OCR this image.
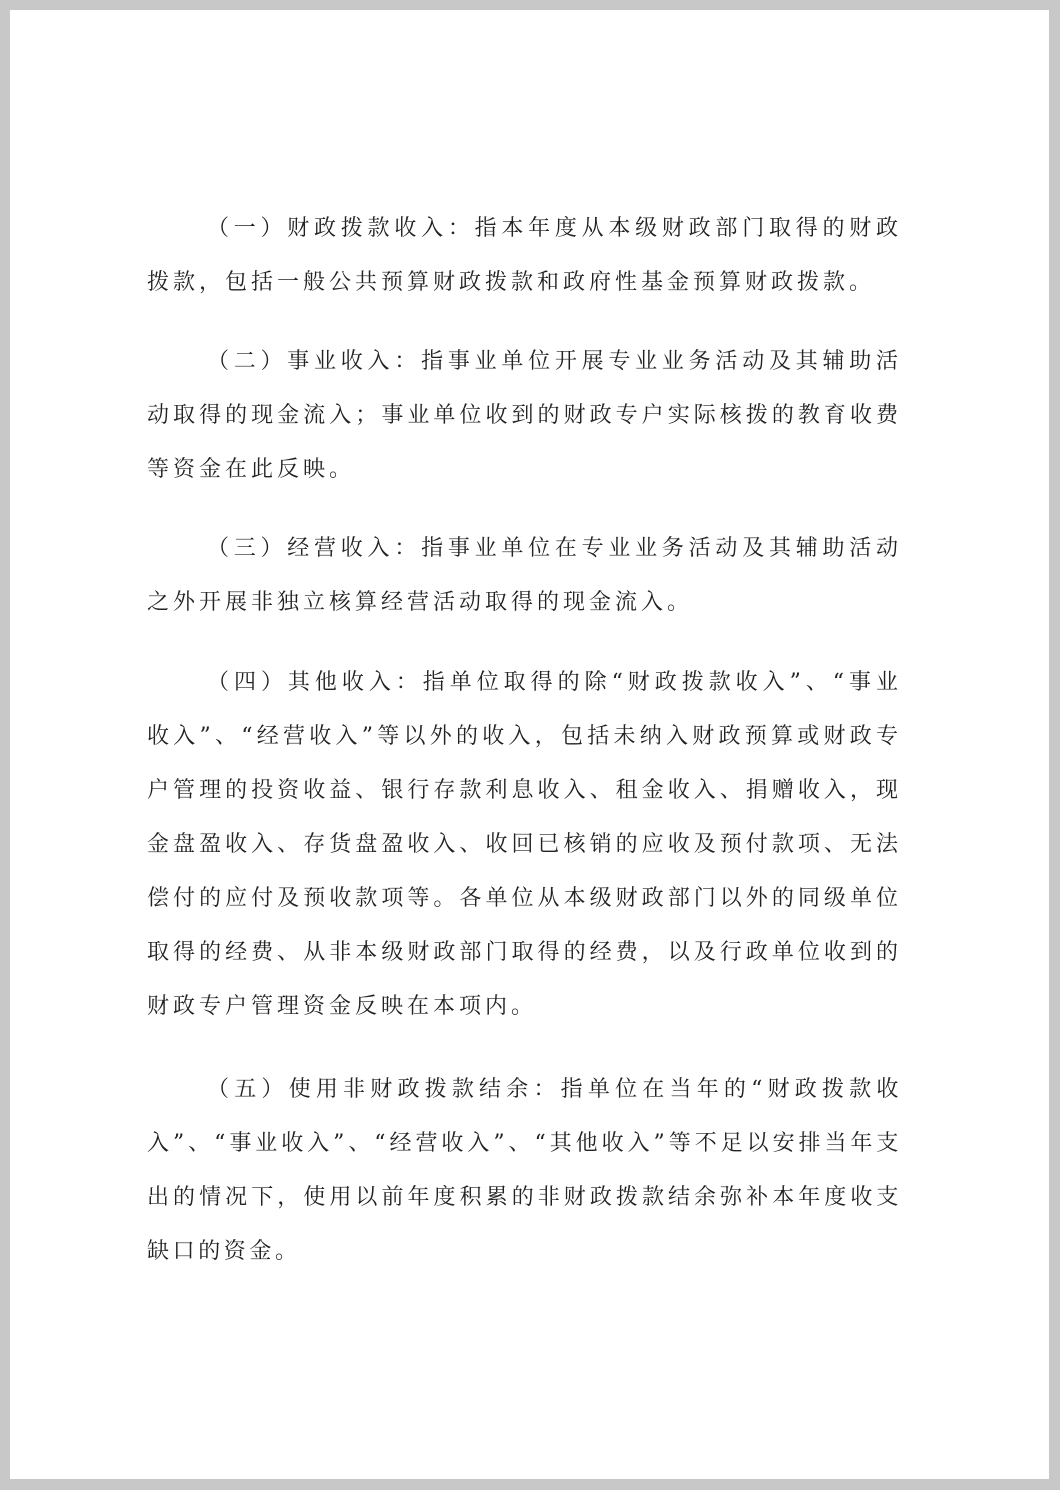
（一）财政拨款收入：指本年度从本级财政部门取得的财政拨款，包括一般公共预算财政拨款和政府性基金预算财政拨款。

（二）事业收入：指事业单位开展专业业务活动及其辅助活动取得的现金流入；事业单位收到的财政专户实际核拨的教育收费等资金在此反映。

（三）经营收入：指事业单位在专业业务活动及其辅助活动之外开展非独立核算经营活动取得的现金流入。

（四）其他收入：指单位取得的除“财政拨款收入”、“事业收入”、“经营收入”等以外的收入，包括未纳入财政预算或财政专户管理的投资收益、银行存款利息收入、租金收入、捐赠收入，现金盘盈收入、存货盘盈收入、收回已核销的应收及预付款项、无法偿付的应付及预收款项等。各单位从本级财政部门以外的同级单位取得的经费、从非本级财政部门取得的经费，以及行政单位收到的财政专户管理资金反映在本项内。

（五）使用非财政拨款结余：指单位在当年的“财政拨款收入”、“事业收入”、“经营收入”、“其他收入”等不足以安排当年支出的情况下，使用以前年度积累的非财政拨款结余弥补本年度收支缺口的资金。
